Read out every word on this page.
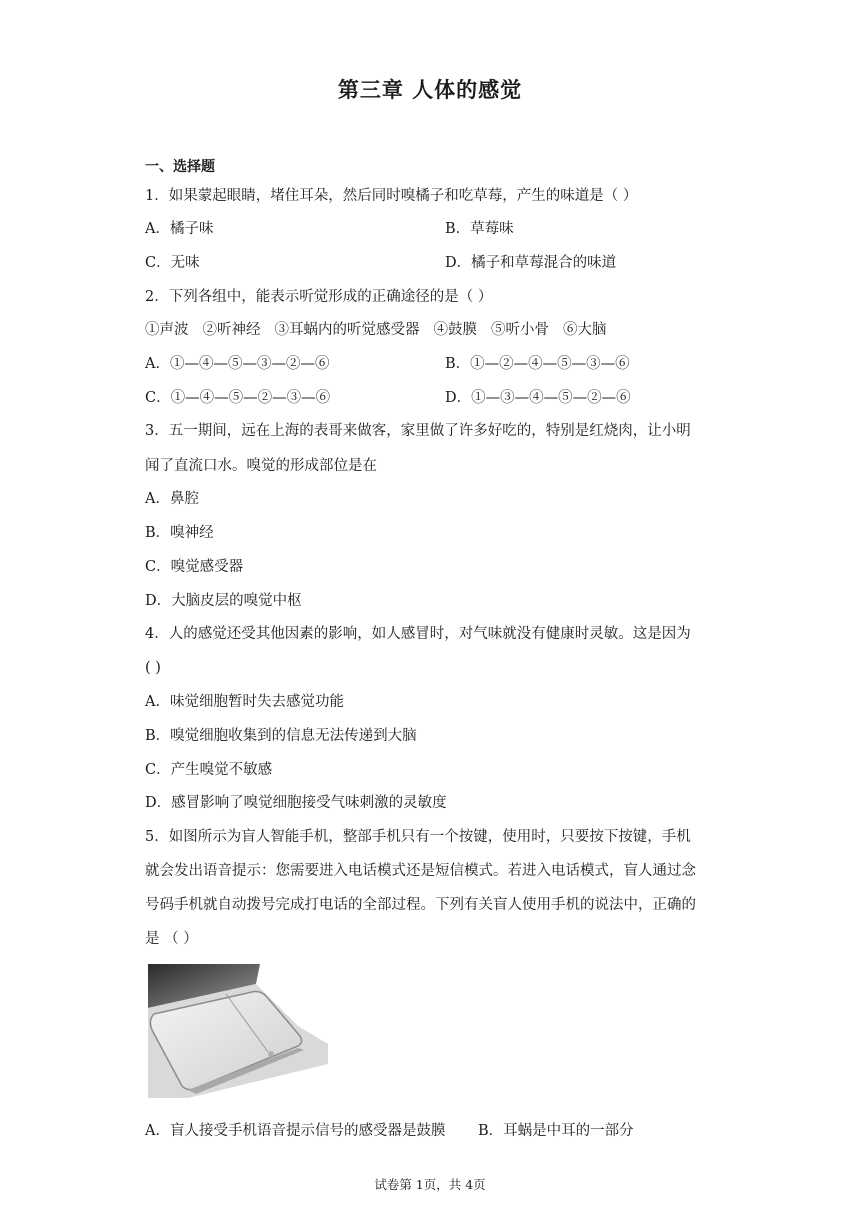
第三章 人体的感觉
一、选择题
1．如果蒙起眼睛，堵住耳朵，然后同时嗅橘子和吃草莓，产生的味道是（ ）
A．橘子味	B．草莓味
C．无味	D．橘子和草莓混合的味道
2．下列各组中，能表示听觉形成的正确途径的是（ ）
①声波 ②听神经 ③耳蜗内的听觉感受器 ④鼓膜 ⑤听小骨 ⑥大脑
A．①—④—⑤—③—②—⑥	B．①—②—④—⑤—③—⑥
C．①—④—⑤—②—③—⑥	D．①—③—④—⑤—②—⑥
3．五一期间，远在上海的表哥来做客，家里做了许多好吃的，特别是红烧肉，让小明
闻了直流口水。嗅觉的形成部位是在
A．鼻腔
B．嗅神经
C．嗅觉感受器
D．大脑皮层的嗅觉中枢
4．人的感觉还受其他因素的影响，如人感冒时，对气味就没有健康时灵敏。这是因为
( )
A．味觉细胞暂时失去感觉功能
B．嗅觉细胞收集到的信息无法传递到大脑
C．产生嗅觉不敏感
D．感冒影响了嗅觉细胞接受气味刺激的灵敏度
5．如图所示为盲人智能手机，整部手机只有一个按键，使用时，只要按下按键，手机
就会发出语音提示：您需要进入电话模式还是短信模式。若进入电话模式，盲人通过念
号码手机就自动拨号完成打电话的全部过程。下列有关盲人使用手机的说法中，正确的
是 （ ）
A．盲人接受手机语音提示信号的感受器是鼓膜 B．耳蜗是中耳的一部分
试卷第 1页，共 4页
